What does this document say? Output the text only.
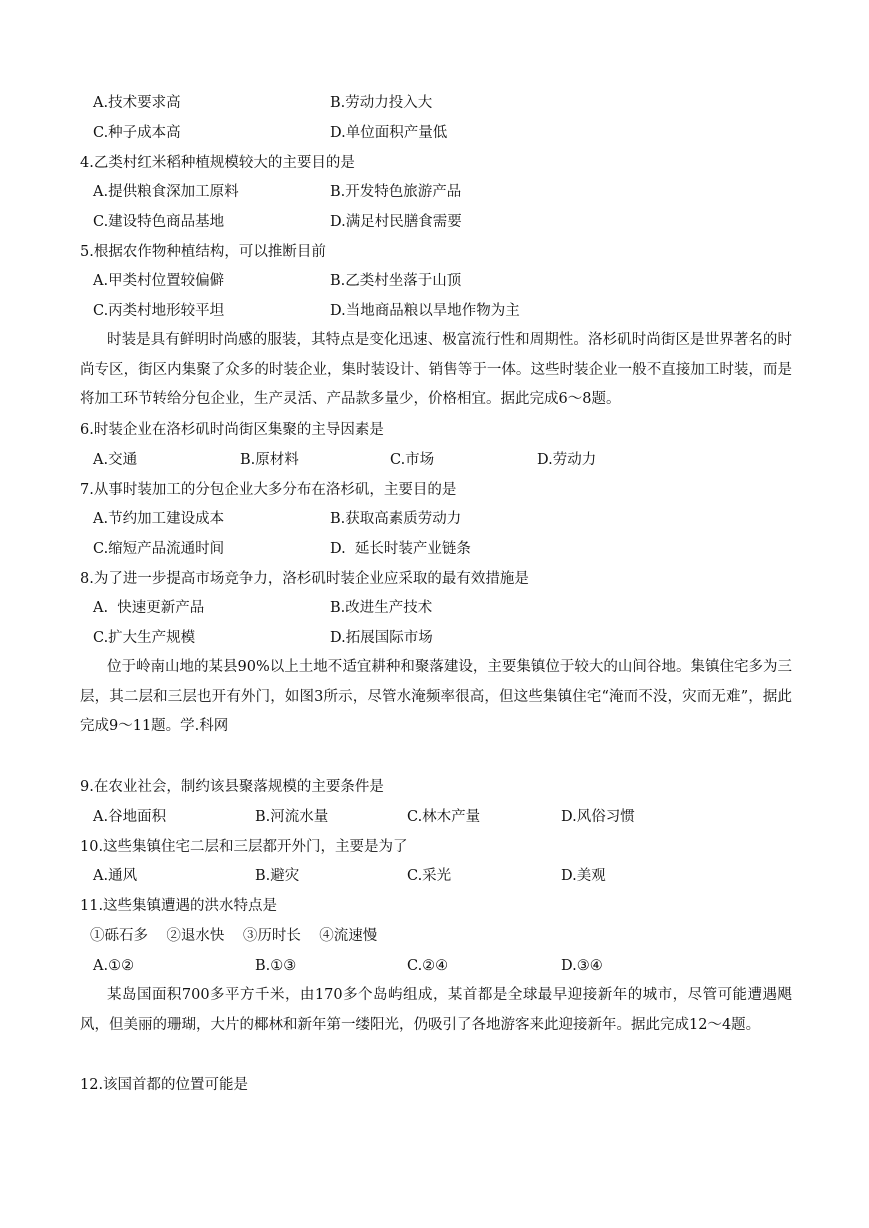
A.技术要求高	B.劳动力投入大
C.种子成本高	D.单位面积产量低
4.乙类村红米稻种植规模较大的主要目的是
A.提供粮食深加工原料	B.开发特色旅游产品
C.建设特色商品基地	D.满足村民膳食需要
5.根据农作物种植结构，可以推断目前
A.甲类村位置较偏僻	B.乙类村坐落于山顶
C.丙类村地形较平坦	D.当地商品粮以旱地作物为主
时装是具有鲜明时尚感的服装，其特点是变化迅速、极富流行性和周期性。洛杉矶时尚街区是世界著名的时尚专区，街区内集聚了众多的时装企业，集时装设计、销售等于一体。这些时装企业一般不直接加工时装，而是将加工环节转给分包企业，生产灵活、产品款多量少，价格相宜。据此完成6～8题。
6.时装企业在洛杉矶时尚街区集聚的主导因素是
A.交通	B.原材料	C.市场	D.劳动力
7.从事时装加工的分包企业大多分布在洛杉矶，主要目的是
A.节约加工建设成本	B.获取高素质劳动力
C.缩短产品流通时间	D.  延长时装产业链条
8.为了进一步提高市场竞争力，洛杉矶时装企业应采取的最有效措施是
A.  快速更新产品	B.改进生产技术
C.扩大生产规模	D.拓展国际市场
位于岭南山地的某县90%以上土地不适宜耕种和聚落建设，主要集镇位于较大的山间谷地。集镇住宅多为三层，其二层和三层也开有外门，如图3所示，尽管水淹频率很高，但这些集镇住宅“淹而不没，灾而无难”，据此完成9～11题。学.科网
9.在农业社会，制约该县聚落规模的主要条件是
A.谷地面积	B.河流水量	C.林木产量	D.风俗习惯
10.这些集镇住宅二层和三层都开外门，主要是为了
A.通风	B.避灾	C.采光	D.美观
11.这些集镇遭遇的洪水特点是
①砾石多    ②退水快    ③历时长    ④流速慢
A.①②	B.①③	C.②④	D.③④
某岛国面积700多平方千米，由170多个岛屿组成，某首都是全球最早迎接新年的城市，尽管可能遭遇飓风，但美丽的珊瑚，大片的椰林和新年第一缕阳光，仍吸引了各地游客来此迎接新年。据此完成12～4题。
12.该国首都的位置可能是
